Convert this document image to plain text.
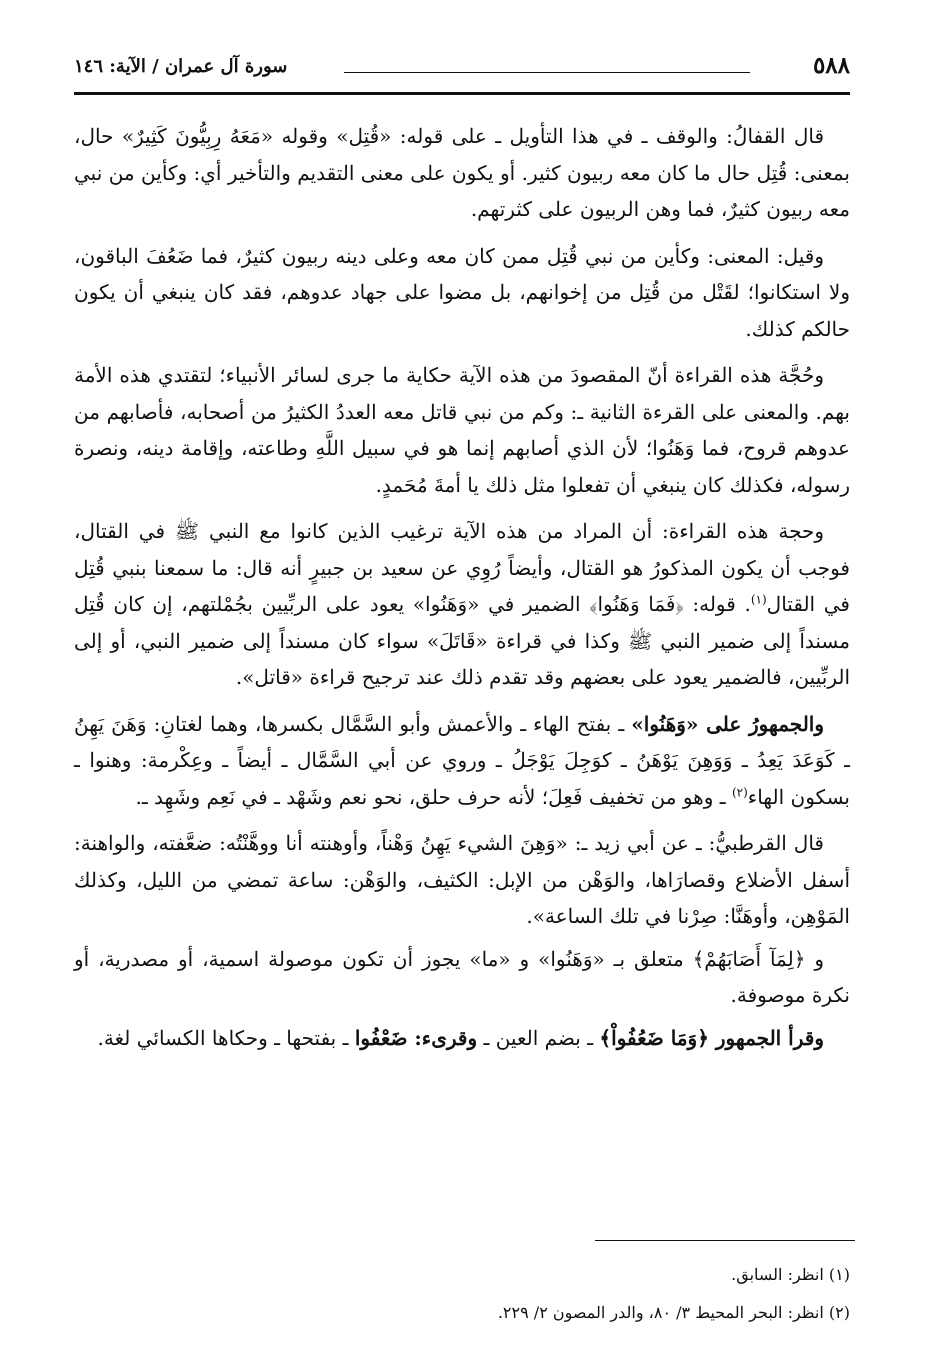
٥٨٨
سورة آل عمران / الآية: ١٤٦

قال القفالُ: والوقف ـ في هذا التأويل ـ على قوله: «قُتِل» وقوله «مَعَهُ رِبِيُّونَ كَثِيرٌ» حال، بمعنى: قُتِل حال ما كان معه ربيون كثير. أو يكون على معنى التقديم والتأخير أي: وكأين من نبي معه ربيون كثيرٌ، فما وهن الربيون على كثرتهم.

وقيل: المعنى: وكأين من نبي قُتِل ممن كان معه وعلى دينه ربيون كثيرٌ، فما ضَعُفَ الباقون، ولا استكانوا؛ لقَتْل من قُتِل من إخوانهم، بل مضوا على جهاد عدوهم، فقد كان ينبغي أن يكون حالكم كذلك.

وحُجَّة هذه القراءة أنّ المقصودَ من هذه الآية حكاية ما جرى لسائر الأنبياء؛ لتقتدي هذه الأمة بهم. والمعنى على القرءة الثانية ـ: وكم من نبي قاتل معه العددُ الكثيرُ من أصحابه، فأصابهم من عدوهم قروح، فما وَهَنُوا؛ لأن الذي أصابهم إنما هو في سبيل اللَّهِ وطاعته، وإقامة دينه، ونصرة رسوله، فكذلك كان ينبغي أن تفعلوا مثل ذلك يا أمةَ مُحَمدٍ.

وحجة هذه القراءة: أن المراد من هذه الآية ترغيب الذين كانوا مع النبي ﷺ في القتال، فوجب أن يكون المذكورُ هو القتال، وأيضاً رُوِي عن سعيد بن جبيرٍ أنه قال: ما سمعنا بنبي قُتِل في القتال$^{(١)}$. قوله: ﴿فَمَا وَهَنُوا﴾ الضمير في «وَهَنُوا» يعود على الربِّيين بجُمْلتهم، إن كان قُتِل مسنداً إلى ضمير النبي ﷺ وكذا في قراءة «قَاتَلَ» سواء كان مسنداً إلى ضمير النبي، أو إلى الربِّيين، فالضمير يعود على بعضهم وقد تقدم ذلك عند ترجيح قراءة «قاتل».

والجمهورُ على «وَهَنُوا» ـ بفتح الهاء ـ والأعمش وأبو السَّمَّال بكسرها، وهما لغتانِ: وَهَنَ يَهِنُ ـ كَوَعَدَ يَعِدُ ـ وَوَهِنَ يَوْهَنُ ـ كوَجِلَ يَوْجَلُ ـ وروي عن أبي السَّمَّال ـ أيضاً ـ وعِكْرمة: وهنوا ـ بسكون الهاء$^{(٢)}$ ـ وهو من تخفيف فَعِلَ؛ لأنه حرف حلق، نحو نعم وشَهْد ـ في نَعِم وشَهِد ـ.

قال القرطبيُّ: ـ عن أبي زيد ـ: «وَهِنَ الشيء يَهِنُ وَهْناً، وأوهنته أنا ووهَّنْتُه: ضعَّفته، والواهنة: أسفل الأضلاع وقصارَاها، والوَهْن من الإبل: الكثيف، والوَهْن: ساعة تمضي من الليل، وكذلك المَوْهِن، وأوهَنَّا: صِرْنا في تلك الساعة».

و ﴿لِمَآ أَصَابَهُمْ﴾ متعلق بـ «وَهَنُوا» و «ما» يجوز أن تكون موصولة اسمية، أو مصدرية، أو نكرة موصوفة.

وقرأ الجمهور ﴿وَمَا ضَعُفُواْ﴾ ـ بضم العين ـ وقرىء: ضَعْفُوا ـ بفتحها ـ وحكاها الكسائي لغة.

(١) انظر: السابق.
(٢) انظر: البحر المحيط ٣/ ٨٠، والدر المصون ٢/ ٢٢٩.
